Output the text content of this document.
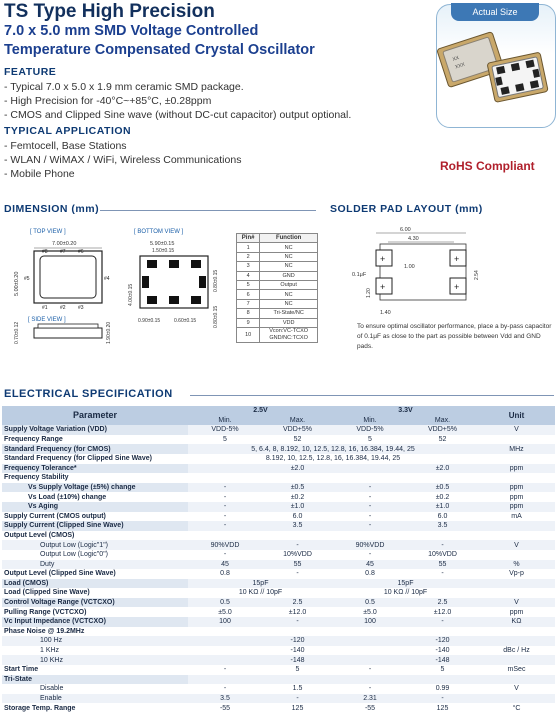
TS Type High Precision
7.0 x 5.0 mm SMD Voltage Controlled
Temperature Compensated Crystal Oscillator
FEATURE
- Typical 7.0 x 5.0 x 1.9 mm ceramic SMD package.
- High Precision for -40°C~+85°C, ±0.28ppm
- CMOS and Clipped Sine wave (without DC-cut capacitor) output optional.
TYPICAL APPLICATION
- Femtocell, Base Stations
- WLAN / WiMAX / WiFi, Wireless Communications
- Mobile Phone
Actual Size
XX
XXX
RoHS Compliant
DIMENSION (mm)
[ TOP VIEW ]	[ BOTTOM VIEW ]
[ SIDE VIEW ]
7.00±0.20
#8 #7 #6
#1 #2 #3
#5	#4
5.00±0.20
0.70±0.12	1.90±0.20
5.90±0.15
1.50±0.15
4.00±0.15
0.80±0.15
0.80±0.15
0.90±0.15	0.60±0.15
Pin#	Function
1	NC
2	NC
3	NC
4	GND
5	Output
6	NC
7	NC
8	Tri-State/NC
9	VDD
10	Vcon:VC-TCXO
GND/NC:TCXO
SOLDER PAD LAYOUT (mm)
6.00
4.30
+	+
+	+
1.00
2.54
1.20
1.40
0.1μF
To ensure optimal oscillator performance, place a by-pass capacitor of 0.1μF as close to the part as possible between Vdd and GND pads.
ELECTRICAL SPECIFICATION
Parameter	2.5V		3.3V		Unit
	Min.	Max.	Min.	Max.	
Supply Voltage Variation (VDD)	VDD-5%	VDD+5%	VDD-5%	VDD+5%	V
Frequency Range	5	52	5	52	
Standard Frequency (for CMOS)	5, 6.4, 8, 8.192, 10, 12.5, 12.8, 16, 16.384, 19.44, 25				MHz
Standard Frequency (for Clipped Sine Wave)	8.192, 10, 12.5, 12.8, 16, 16.384, 19.44, 25				
Frequency Tolerance*		±2.0		±2.0	ppm
Frequency Stability					
Vs Supply Voltage (±5%) change	-	±0.5	-	±0.5	ppm
Vs Load (±10%) change	-	±0.2	-	±0.2	ppm
Vs Aging	-	±1.0	-	±1.0	ppm
Supply Current (CMOS output)	-	6.0	-	6.0	mA
Supply Current (Clipped Sine Wave)	-	3.5	-	3.5	
Output Level (CMOS)					
Output Low (Logic"1")	90%VDD	-	90%VDD	-	V
Output Low (Logic"0")	-	10%VDD	-	10%VDD	
Duty	45	55	45	55	%
Output Level (Clipped Sine Wave)	0.8	-	0.8	-	Vp-p
Load (CMOS)	15pF		15pF		
Load (Clipped Sine Wave)	10 KΩ // 10pF		10 KΩ // 10pF		
Control Voltage Range (VCTCXO)	0.5	2.5	0.5	2.5	V
Pulling Range (VCTCXO)	±5.0	±12.0	±5.0	±12.0	ppm
Vc Input Impedance (VCTCXO)	100	-	100	-	KΩ
Phase Noise @ 19.2MHz					
100 Hz		-120		-120	
1 KHz		-140		-140	dBc / Hz
10 KHz		-148		-148	
Start Time	-	5	-	5	mSec
Tri-State					
Disable	-	1.5	-	0.99	V
Enable	3.5	-	2.31	-	
Storage Temp. Range	-55	125	-55	125	°C
